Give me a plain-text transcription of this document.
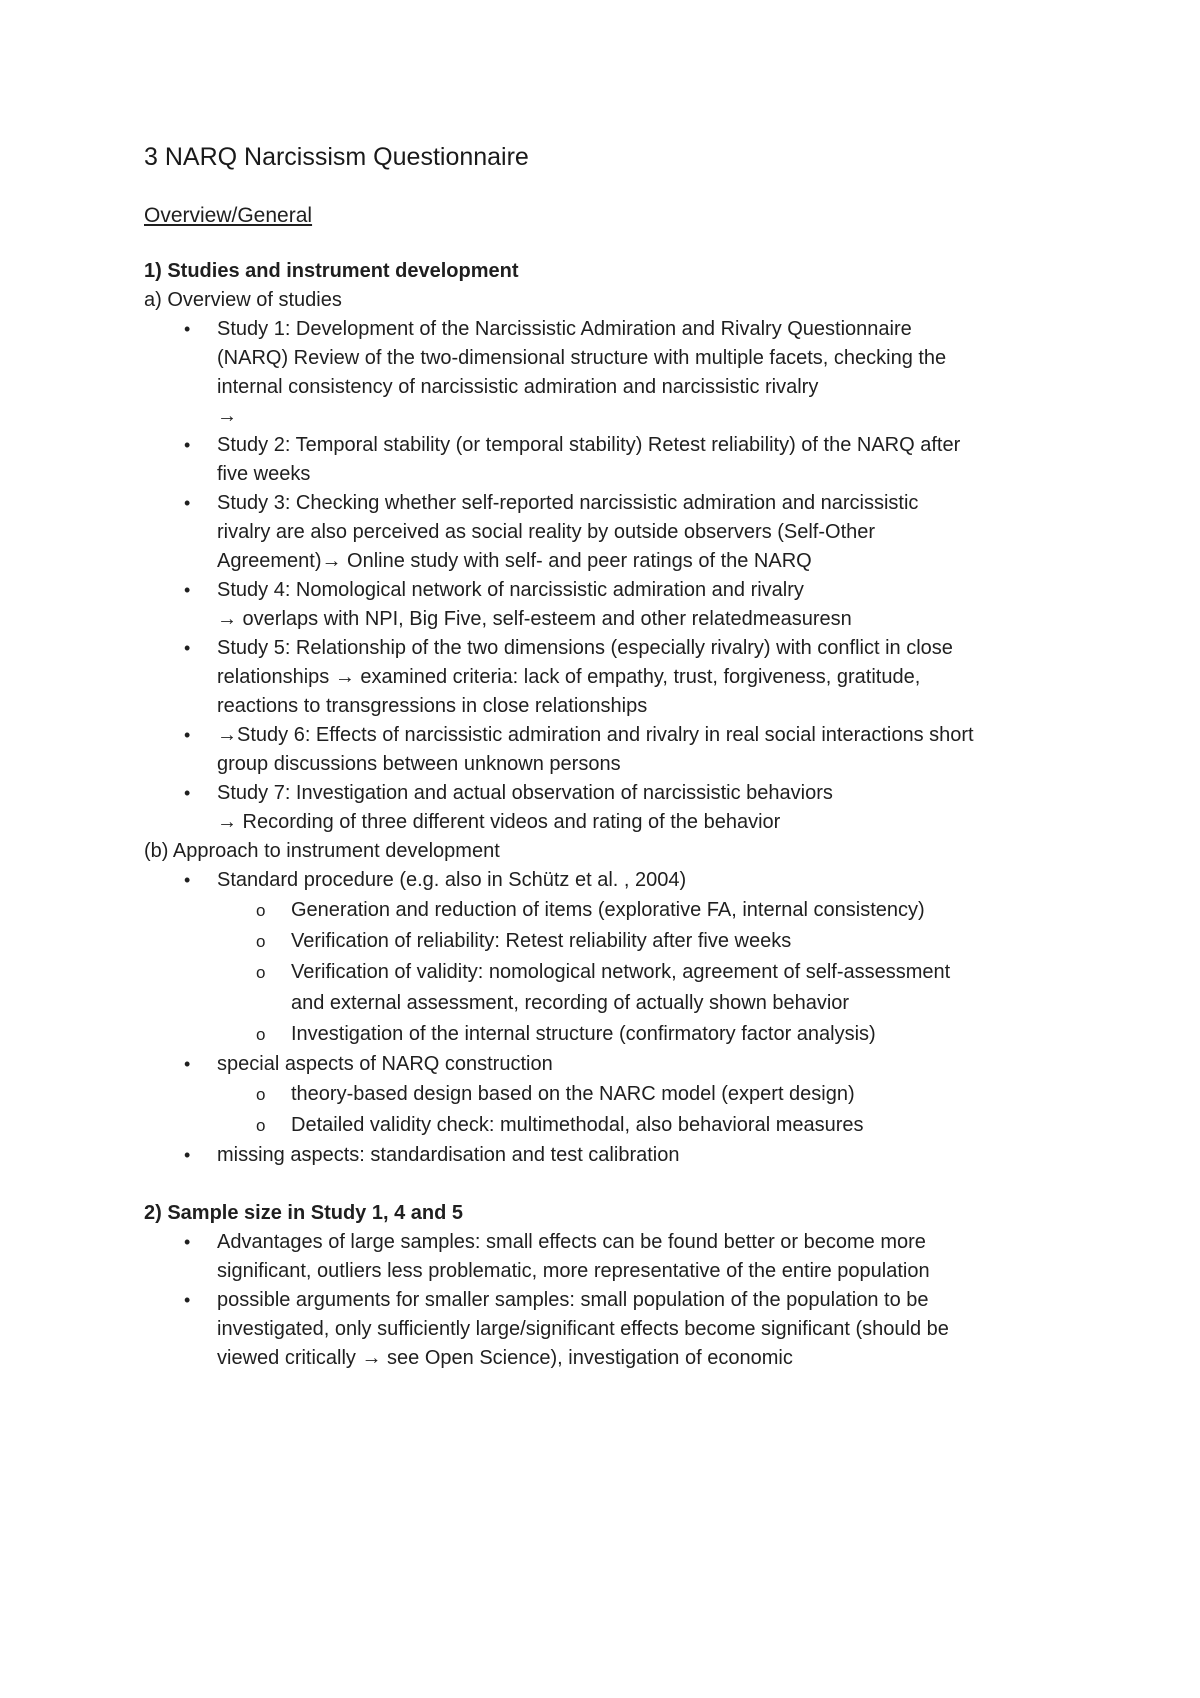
3 NARQ Narcissism Questionnaire
Overview/General
1) Studies and instrument development
a) Overview of studies
• Study 1: Development of the Narcissistic Admiration and Rivalry Questionnaire
(NARQ) Review of the two-dimensional structure with multiple facets, checking the
internal consistency of narcissistic admiration and narcissistic rivalry
→
• Study 2: Temporal stability (or temporal stability) Retest reliability) of the NARQ after
five weeks
• Study 3: Checking whether self-reported narcissistic admiration and narcissistic
rivalry are also perceived as social reality by outside observers (Self-Other
Agreement)→ Online study with self- and peer ratings of the NARQ
• Study 4: Nomological network of narcissistic admiration and rivalry
→ overlaps with NPI, Big Five, self-esteem and other relatedmeasuresn
• Study 5: Relationship of the two dimensions (especially rivalry) with conflict in close
relationships → examined criteria: lack of empathy, trust, forgiveness, gratitude,
reactions to transgressions in close relationships
• →Study 6: Effects of narcissistic admiration and rivalry in real social interactions short
group discussions between unknown persons
• Study 7: Investigation and actual observation of narcissistic behaviors
→ Recording of three different videos and rating of the behavior
(b) Approach to instrument development
• Standard procedure (e.g. also in Schütz et al. , 2004)
o Generation and reduction of items (explorative FA, internal consistency)
o Verification of reliability: Retest reliability after five weeks
o Verification of validity: nomological network, agreement of self-assessment
and external assessment, recording of actually shown behavior
o Investigation of the internal structure (confirmatory factor analysis)
• special aspects of NARQ construction
o theory-based design based on the NARC model (expert design)
o Detailed validity check: multimethodal, also behavioral measures
• missing aspects: standardisation and test calibration
2) Sample size in Study 1, 4 and 5
• Advantages of large samples: small effects can be found better or become more
significant, outliers less problematic, more representative of the entire population
• possible arguments for smaller samples: small population of the population to be
investigated, only sufficiently large/significant effects become significant (should be
viewed critically → see Open Science), investigation of economic
